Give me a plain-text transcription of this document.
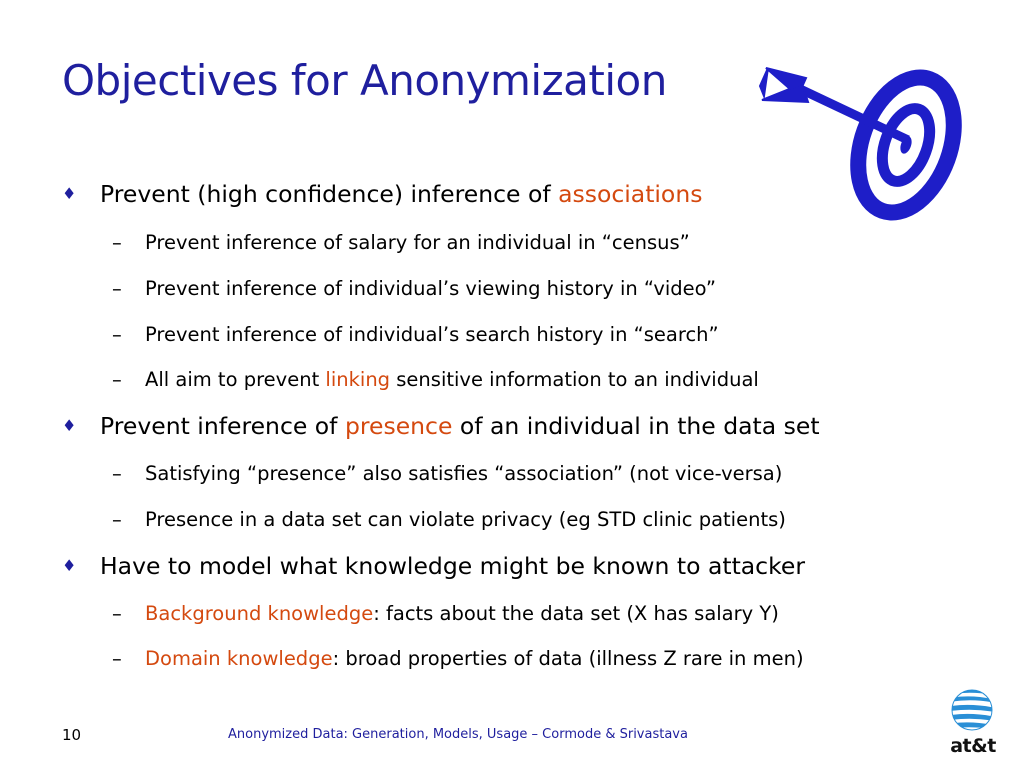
Objectives for Anonymization
♦ Prevent (high confidence) inference of associations
–	Prevent inference of salary for an individual in “census”
–	Prevent inference of individual’s viewing history in “video”
–	Prevent inference of individual’s search history in “search”
–	All aim to prevent linking sensitive information to an individual
♦ Prevent inference of presence of an individual in the data set
–	Satisfying “presence” also satisfies “association” (not vice-versa)
–	Presence in a data set can violate privacy (eg STD clinic patients)
♦ Have to model what knowledge might be known to attacker
–	Background knowledge: facts about the data set (X has salary Y)
–	Domain knowledge: broad properties of data (illness Z rare in men)
10	Anonymized Data: Generation, Models, Usage – Cormode & Srivastava
at&t
